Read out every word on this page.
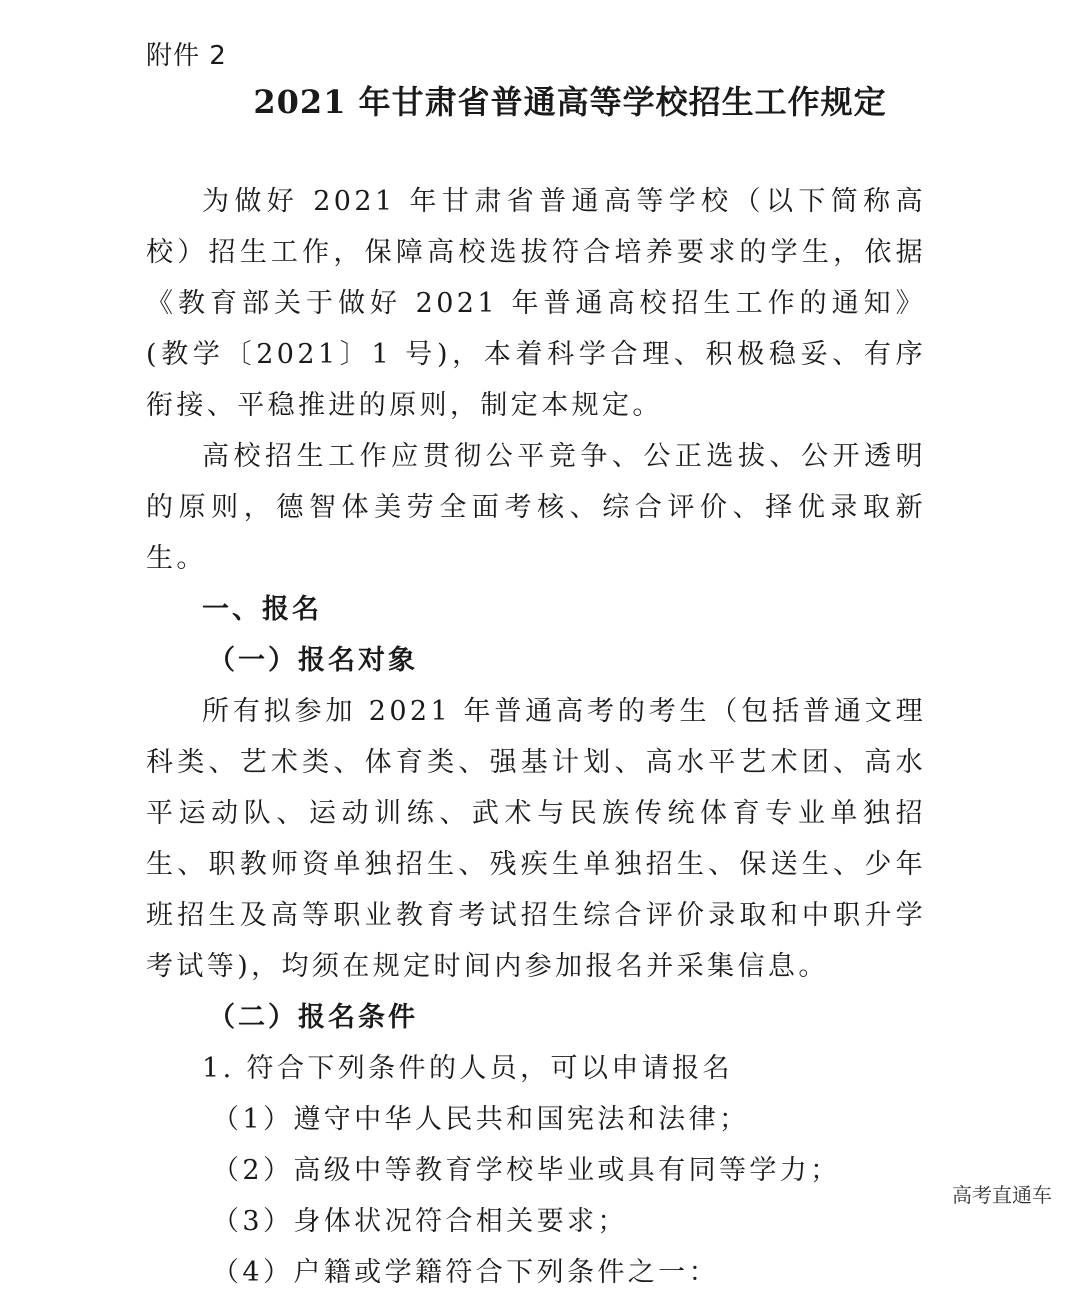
附件 2
2021 年甘肃省普通高等学校招生工作规定

为做好 2021 年甘肃省普通高等学校（以下简称高校）招生工作，保障高校选拔符合培养要求的学生，依据《教育部关于做好 2021 年普通高校招生工作的通知》(教学〔2021〕1 号)，本着科学合理、积极稳妥、有序衔接、平稳推进的原则，制定本规定。

高校招生工作应贯彻公平竞争、公正选拔、公开透明的原则，德智体美劳全面考核、综合评价、择优录取新生。

一、报名

（一）报名对象

所有拟参加 2021 年普通高考的考生（包括普通文理科类、艺术类、体育类、强基计划、高水平艺术团、高水平运动队、运动训练、武术与民族传统体育专业单独招生、职教师资单独招生、残疾生单独招生、保送生、少年班招生及高等职业教育考试招生综合评价录取和中职升学考试等)，均须在规定时间内参加报名并采集信息。

（二）报名条件

1. 符合下列条件的人员，可以申请报名

（1）遵守中华人民共和国宪法和法律；

（2）高级中等教育学校毕业或具有同等学力；

（3）身体状况符合相关要求；

（4）户籍或学籍符合下列条件之一：

高考直通车
